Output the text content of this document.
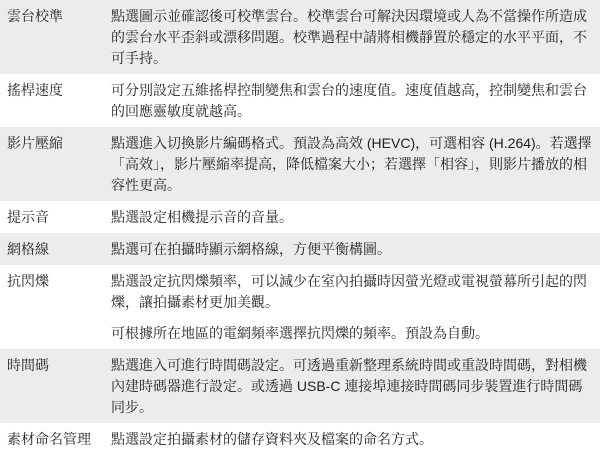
雲台校準	點選圖示並確認後可校準雲台。校準雲台可解決因環境或人為不當操作所造成的雲台水平歪斜或漂移問題。校準過程中請將相機靜置於穩定的水平平面，不可手持。

搖桿速度	可分別設定五維搖桿控制變焦和雲台的速度值。速度值越高，控制變焦和雲台的回應靈敏度就越高。

影片壓縮	點選進入切換影片編碼格式。預設為高效 (HEVC)，可選相容 (H.264)。若選擇「高效」，影片壓縮率提高，降低檔案大小；若選擇「相容」，則影片播放的相容性更高。

提示音	點選設定相機提示音的音量。

網格線	點選可在拍攝時顯示網格線，方便平衡構圖。

抗閃爍	點選設定抗閃爍頻率，可以減少在室內拍攝時因螢光燈或電視螢幕所引起的閃爍，讓拍攝素材更加美觀。

可根據所在地區的電網頻率選擇抗閃爍的頻率。預設為自動。

時間碼	點選進入可進行時間碼設定。可透過重新整理系統時間或重設時間碼，對相機內建時碼器進行設定。或透過 USB-C 連接埠連接時間碼同步裝置進行時間碼同步。

素材命名管理	點選設定拍攝素材的儲存資料夾及檔案的命名方式。
